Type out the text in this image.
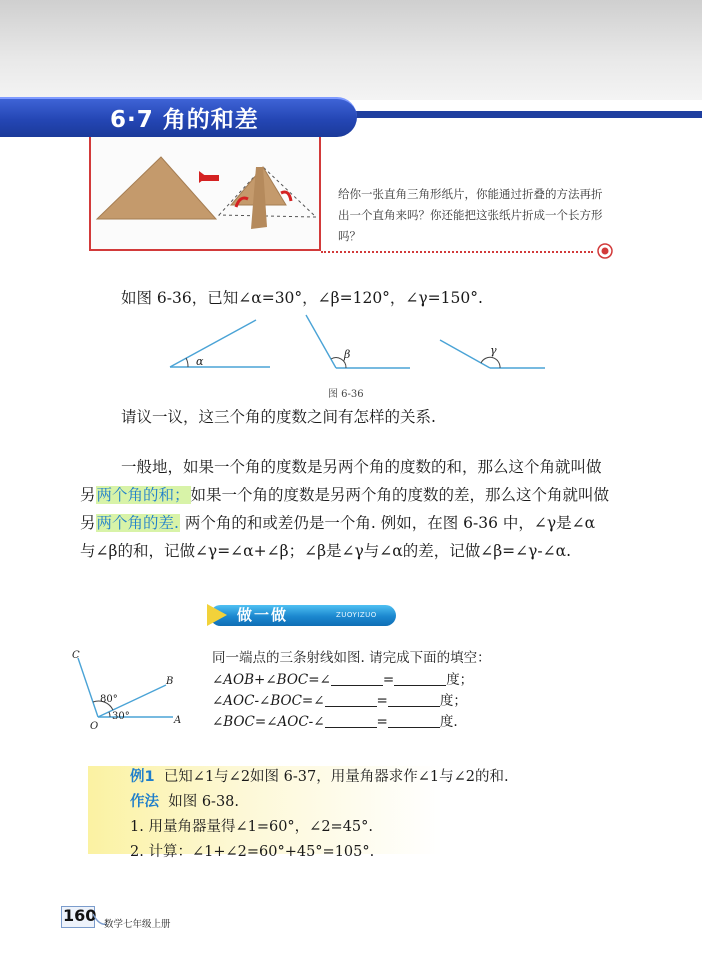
6·7 角的和差
给你一张直角三角形纸片，你能通过折叠的方法再折出一个直角来吗？你还能把这张纸片折成一个长方形吗？
如图 6-36，已知∠α=30°，∠β=120°，∠γ=150°.
α
β	γ
图 6-36
请议一议，这三个角的度数之间有怎样的关系.
一般地，如果一个角的度数是另两个角的度数的和，那么这个角就叫做另两个角的和；如果一个角的度数是另两个角的度数的差，那么这个角就叫做另两个角的差. 两个角的和或差仍是一个角. 例如，在图 6-36 中，∠γ是∠α与∠β的和，记做∠γ=∠α+∠β；∠β是∠γ与∠α的差，记做∠β=∠γ-∠α.
做一做	ZUOYIZUO
C
B
O
A
80°
30°
同一端点的三条射线如图. 请完成下面的填空：
∠AOB+∠BOC=∠	=	度；
∠AOC-∠BOC=∠	=	度；
∠BOC=∠AOC-∠	=	度.
例1 已知∠1与∠2如图 6-37，用量角器求作∠1与∠2的和.
作法 如图 6-38.
1. 用量角器量得∠1=60°，∠2=45°.
2. 计算：∠1+∠2=60°+45°=105°.
160 数学七年级上册
